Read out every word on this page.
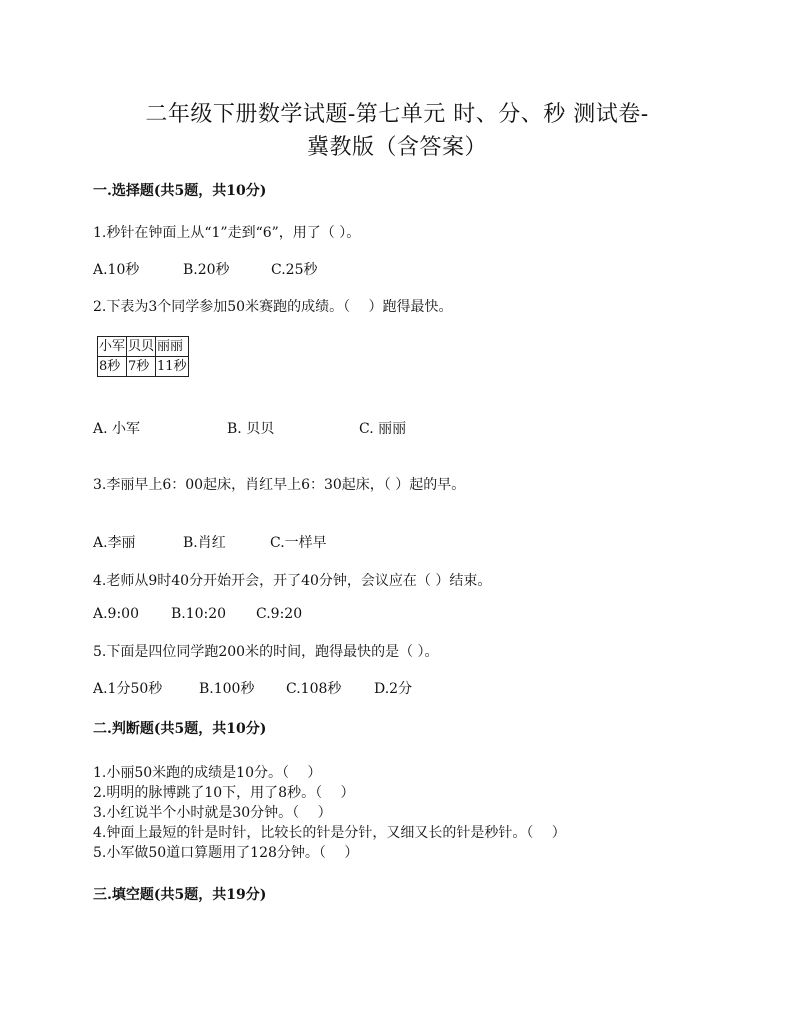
二年级下册数学试题-第七单元 时、分、秒 测试卷-
冀教版（含答案）
一.选择题(共5题，共10分)
1.秒针在钟面上从“1”走到“6”，用了（ ）。
A.10秒	B.20秒	C.25秒
2.下表为3个同学参加50米赛跑的成绩。（　 ）跑得最快。
小军	贝贝	丽丽
8秒	7秒	11秒
A. 小军	B. 贝贝	C. 丽丽
3.李丽早上6：00起床，肖红早上6：30起床，（ ）起的早。
A.李丽	B.肖红	C.一样早
4.老师从9时40分开始开会，开了40分钟，会议应在（ ）结束。
A.9:00 B.10:20 C.9:20
5.下面是四位同学跑200米的时间，跑得最快的是（ ）。
A.1分50秒	B.100秒 C.108秒 D.2分
二.判断题(共5题，共10分)
1.小丽50米跑的成绩是10分。（　 ）
2.明明的脉博跳了10下，用了8秒。（　 ）
3.小红说半个小时就是30分钟。（　 ）
4.钟面上最短的针是时针，比较长的针是分针，又细又长的针是秒针。（　 ）
5.小军做50道口算题用了128分钟。（　 ）
三.填空题(共5题，共19分)
